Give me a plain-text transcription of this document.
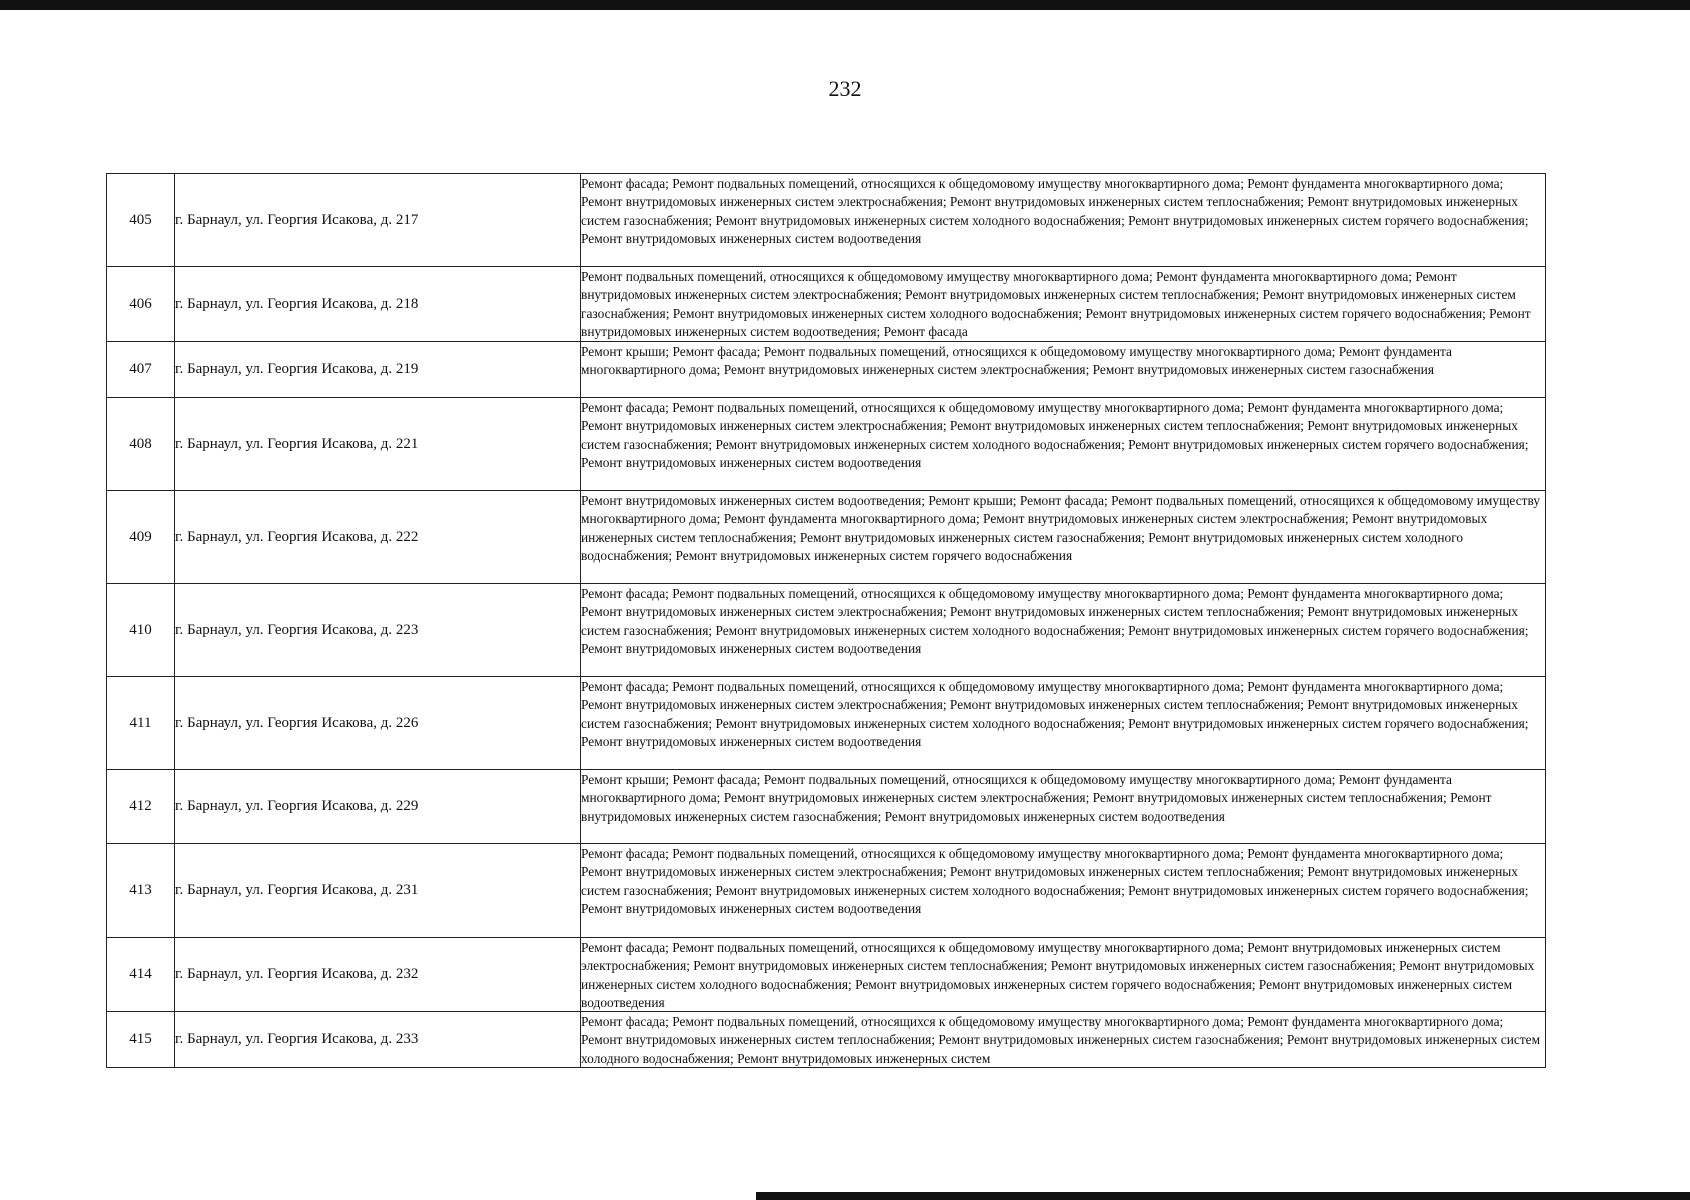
232
405	г. Барнаул, ул. Георгия Исакова, д. 217	Ремонт фасада; Ремонт подвальных помещений, относящихся к общедомовому имуществу многоквартирного дома; Ремонт фундамента многоквартирного дома; Ремонт внутридомовых инженерных систем электроснабжения; Ремонт внутридомовых инженерных систем теплоснабжения; Ремонт внутридомовых инженерных систем газоснабжения; Ремонт внутридомовых инженерных систем холодного водоснабжения; Ремонт внутридомовых инженерных систем горячего водоснабжения; Ремонт внутридомовых инженерных систем водоотведения

406	г. Барнаул, ул. Георгия Исакова, д. 218	Ремонт подвальных помещений, относящихся к общедомовому имуществу многоквартирного дома; Ремонт фундамента многоквартирного дома; Ремонт внутридомовых инженерных систем электроснабжения; Ремонт внутридомовых инженерных систем теплоснабжения; Ремонт внутридомовых инженерных систем газоснабжения; Ремонт внутридомовых инженерных систем холодного водоснабжения; Ремонт внутридомовых инженерных систем горячего водоснабжения; Ремонт внутридомовых инженерных систем водоотведения; Ремонт фасада

407	г. Барнаул, ул. Георгия Исакова, д. 219	Ремонт крыши; Ремонт фасада; Ремонт подвальных помещений, относящихся к общедомовому имуществу многоквартирного дома; Ремонт фундамента многоквартирного дома; Ремонт внутридомовых инженерных систем электроснабжения; Ремонт внутридомовых инженерных систем газоснабжения

408	г. Барнаул, ул. Георгия Исакова, д. 221	Ремонт фасада; Ремонт подвальных помещений, относящихся к общедомовому имуществу многоквартирного дома; Ремонт фундамента многоквартирного дома; Ремонт внутридомовых инженерных систем электроснабжения; Ремонт внутридомовых инженерных систем теплоснабжения; Ремонт внутридомовых инженерных систем газоснабжения; Ремонт внутридомовых инженерных систем холодного водоснабжения; Ремонт внутридомовых инженерных систем горячего водоснабжения; Ремонт внутридомовых инженерных систем водоотведения

409	г. Барнаул, ул. Георгия Исакова, д. 222	Ремонт внутридомовых инженерных систем водоотведения; Ремонт крыши; Ремонт фасада; Ремонт подвальных помещений, относящихся к общедомовому имуществу многоквартирного дома; Ремонт фундамента многоквартирного дома; Ремонт внутридомовых инженерных систем электроснабжения; Ремонт внутридомовых инженерных систем теплоснабжения; Ремонт внутридомовых инженерных систем газоснабжения; Ремонт внутридомовых инженерных систем холодного водоснабжения; Ремонт внутридомовых инженерных систем горячего водоснабжения

410	г. Барнаул, ул. Георгия Исакова, д. 223	Ремонт фасада; Ремонт подвальных помещений, относящихся к общедомовому имуществу многоквартирного дома; Ремонт фундамента многоквартирного дома; Ремонт внутридомовых инженерных систем электроснабжения; Ремонт внутридомовых инженерных систем теплоснабжения; Ремонт внутридомовых инженерных систем газоснабжения; Ремонт внутридомовых инженерных систем холодного водоснабжения; Ремонт внутридомовых инженерных систем горячего водоснабжения; Ремонт внутридомовых инженерных систем водоотведения

411	г. Барнаул, ул. Георгия Исакова, д. 226	Ремонт фасада; Ремонт подвальных помещений, относящихся к общедомовому имуществу многоквартирного дома; Ремонт фундамента многоквартирного дома; Ремонт внутридомовых инженерных систем электроснабжения; Ремонт внутридомовых инженерных систем теплоснабжения; Ремонт внутридомовых инженерных систем газоснабжения; Ремонт внутридомовых инженерных систем холодного водоснабжения; Ремонт внутридомовых инженерных систем горячего водоснабжения; Ремонт внутридомовых инженерных систем водоотведения

412	г. Барнаул, ул. Георгия Исакова, д. 229	Ремонт крыши; Ремонт фасада; Ремонт подвальных помещений, относящихся к общедомовому имуществу многоквартирного дома; Ремонт фундамента многоквартирного дома; Ремонт внутридомовых инженерных систем электроснабжения; Ремонт внутридомовых инженерных систем теплоснабжения; Ремонт внутридомовых инженерных систем газоснабжения; Ремонт внутридомовых инженерных систем водоотведения

413	г. Барнаул, ул. Георгия Исакова, д. 231	Ремонт фасада; Ремонт подвальных помещений, относящихся к общедомовому имуществу многоквартирного дома; Ремонт фундамента многоквартирного дома; Ремонт внутридомовых инженерных систем электроснабжения; Ремонт внутридомовых инженерных систем теплоснабжения; Ремонт внутридомовых инженерных систем газоснабжения; Ремонт внутридомовых инженерных систем холодного водоснабжения; Ремонт внутридомовых инженерных систем горячего водоснабжения; Ремонт внутридомовых инженерных систем водоотведения

414	г. Барнаул, ул. Георгия Исакова, д. 232	Ремонт фасада; Ремонт подвальных помещений, относящихся к общедомовому имуществу многоквартирного дома; Ремонт внутридомовых инженерных систем электроснабжения; Ремонт внутридомовых инженерных систем теплоснабжения; Ремонт внутридомовых инженерных систем газоснабжения; Ремонт внутридомовых инженерных систем холодного водоснабжения; Ремонт внутридомовых инженерных систем горячего водоснабжения; Ремонт внутридомовых инженерных систем водоотведения

415	г. Барнаул, ул. Георгия Исакова, д. 233	Ремонт фасада; Ремонт подвальных помещений, относящихся к общедомовому имуществу многоквартирного дома; Ремонт фундамента многоквартирного дома; Ремонт внутридомовых инженерных систем теплоснабжения; Ремонт внутридомовых инженерных систем газоснабжения; Ремонт внутридомовых инженерных систем холодного водоснабжения; Ремонт внутридомовых инженерных систем
